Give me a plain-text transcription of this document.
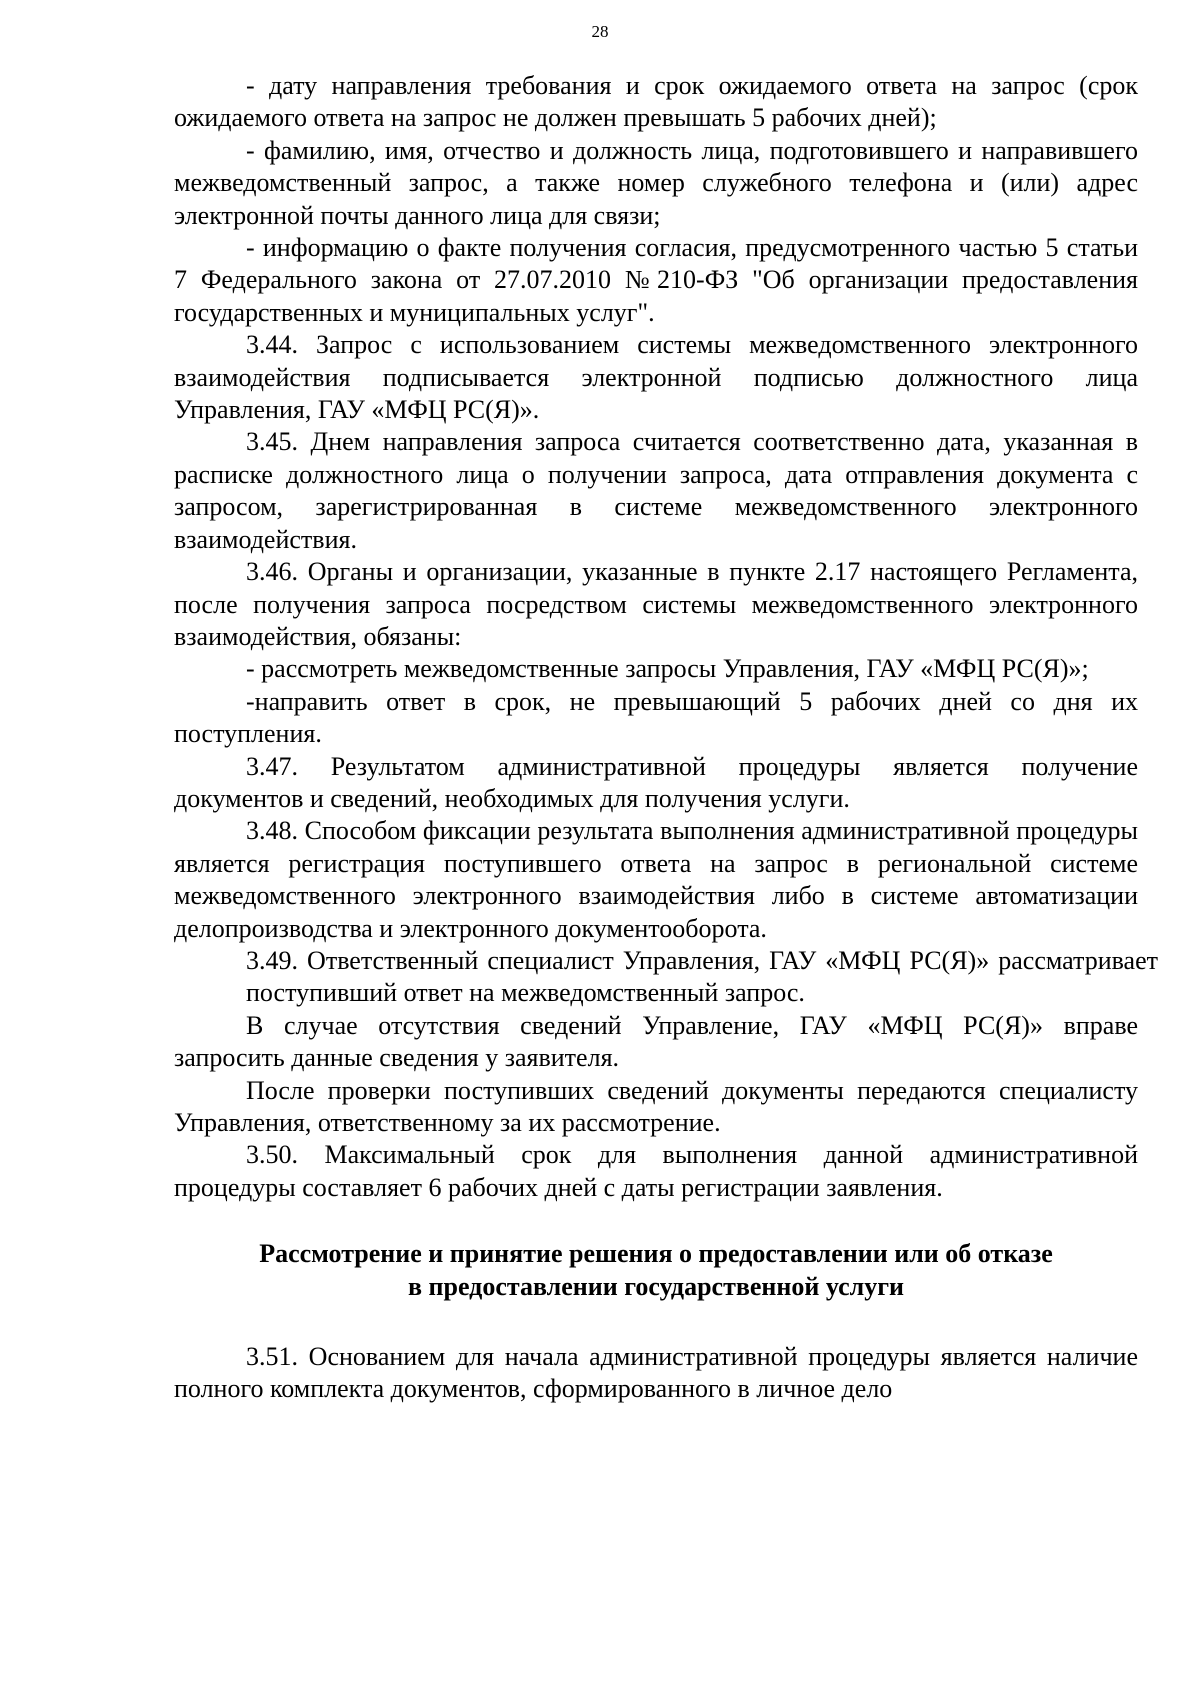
28

- дату направления требования и срок ожидаемого ответа на запрос (срок ожидаемого ответа на запрос не должен превышать 5 рабочих дней);

- фамилию, имя, отчество и должность лица, подготовившего и направившего межведомственный запрос, а также номер служебного телефона и (или) адрес электронной почты данного лица для связи;

- информацию о факте получения согласия, предусмотренного частью 5 статьи 7 Федерального закона от 27.07.2010 №210-ФЗ "Об организации предоставления государственных и муниципальных услуг".

3.44. Запрос с использованием системы межведомственного электронного взаимодействия подписывается электронной подписью должностного лица Управления, ГАУ «МФЦ РС(Я)».

3.45. Днем направления запроса считается соответственно дата, указанная в расписке должностного лица о получении запроса, дата отправления документа с запросом, зарегистрированная в системе межведомственного электронного взаимодействия.

3.46. Органы и организации, указанные в пункте 2.17 настоящего Регламента, после получения запроса посредством системы межведомственного электронного взаимодействия, обязаны:

- рассмотреть межведомственные запросы Управления, ГАУ «МФЦ РС(Я)»;

-направить ответ в срок, не превышающий 5 рабочих дней со дня их поступления.

3.47. Результатом административной процедуры является получение документов и сведений, необходимых для получения услуги.

3.48. Способом фиксации результата выполнения административной процедуры является регистрация поступившего ответа на запрос в региональной системе межведомственного электронного взаимодействия либо в системе автоматизации делопроизводства и электронного документооборота.

3.49. Ответственный специалист Управления, ГАУ «МФЦ РС(Я)» рассматривает поступивший ответ на межведомственный запрос.

В случае отсутствия сведений Управление, ГАУ «МФЦ РС(Я)» вправе запросить данные сведения у заявителя.

После проверки поступивших сведений документы передаются специалисту Управления, ответственному за их рассмотрение.

3.50. Максимальный срок для выполнения данной административной процедуры составляет 6 рабочих дней с даты регистрации заявления.

Рассмотрение и принятие решения о предоставлении или об отказе
в предоставлении государственной услуги

3.51. Основанием для начала административной процедуры является наличие полного комплекта документов, сформированного в личное дело
